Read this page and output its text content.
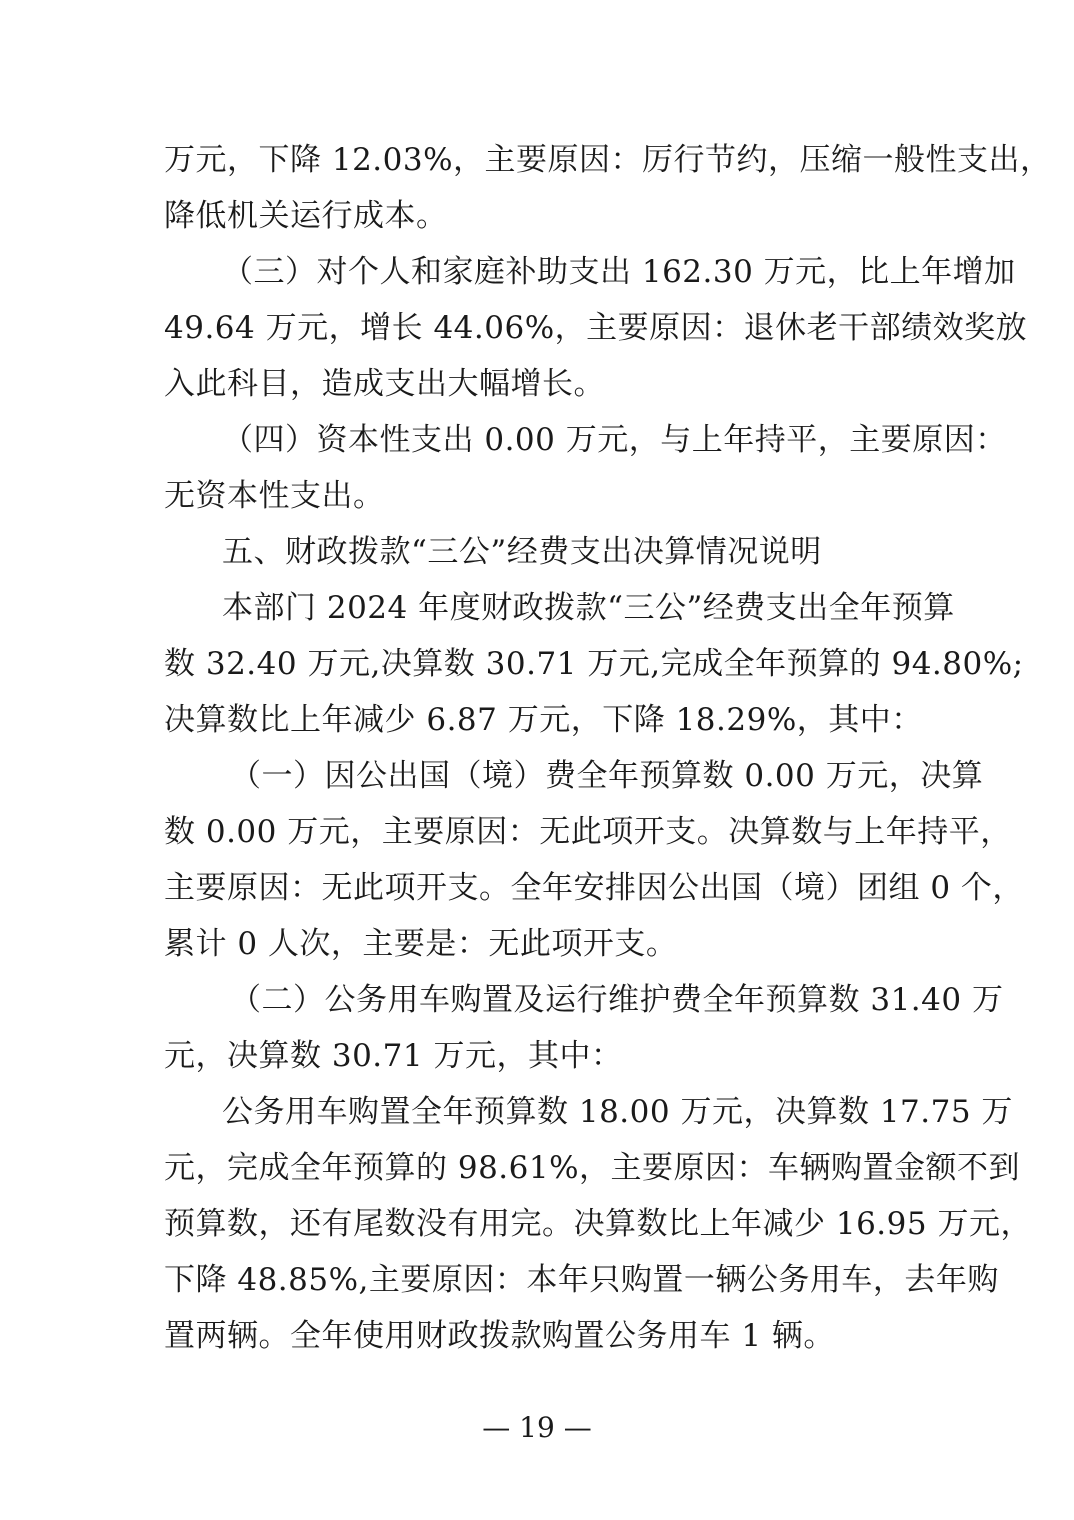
万元，下降 12.03%，主要原因：厉行节约，压缩一般性支出，
降低机关运行成本。
（三）对个人和家庭补助支出 162.30 万元，比上年增加
49.64 万元，增长 44.06%，主要原因：退休老干部绩效奖放
入此科目，造成支出大幅增长。
（四）资本性支出 0.00 万元，与上年持平，主要原因：
无资本性支出。
五、财政拨款“三公”经费支出决算情况说明
本部门 2024 年度财政拨款“三公”经费支出全年预算
数 32.40 万元,决算数 30.71 万元,完成全年预算的 94.80%;
决算数比上年减少 6.87 万元，下降 18.29%，其中：
（一）因公出国（境）费全年预算数 0.00 万元，决算
数 0.00 万元，主要原因：无此项开支。决算数与上年持平，
主要原因：无此项开支。全年安排因公出国（境）团组 0 个，
累计 0 人次，主要是：无此项开支。
（二）公务用车购置及运行维护费全年预算数 31.40 万
元，决算数 30.71 万元，其中：
公务用车购置全年预算数 18.00 万元，决算数 17.75 万
元，完成全年预算的 98.61%，主要原因：车辆购置金额不到
预算数，还有尾数没有用完。决算数比上年减少 16.95 万元，
下降 48.85%,主要原因：本年只购置一辆公务用车，去年购
置两辆。全年使用财政拨款购置公务用车 1 辆。
— 19 —
